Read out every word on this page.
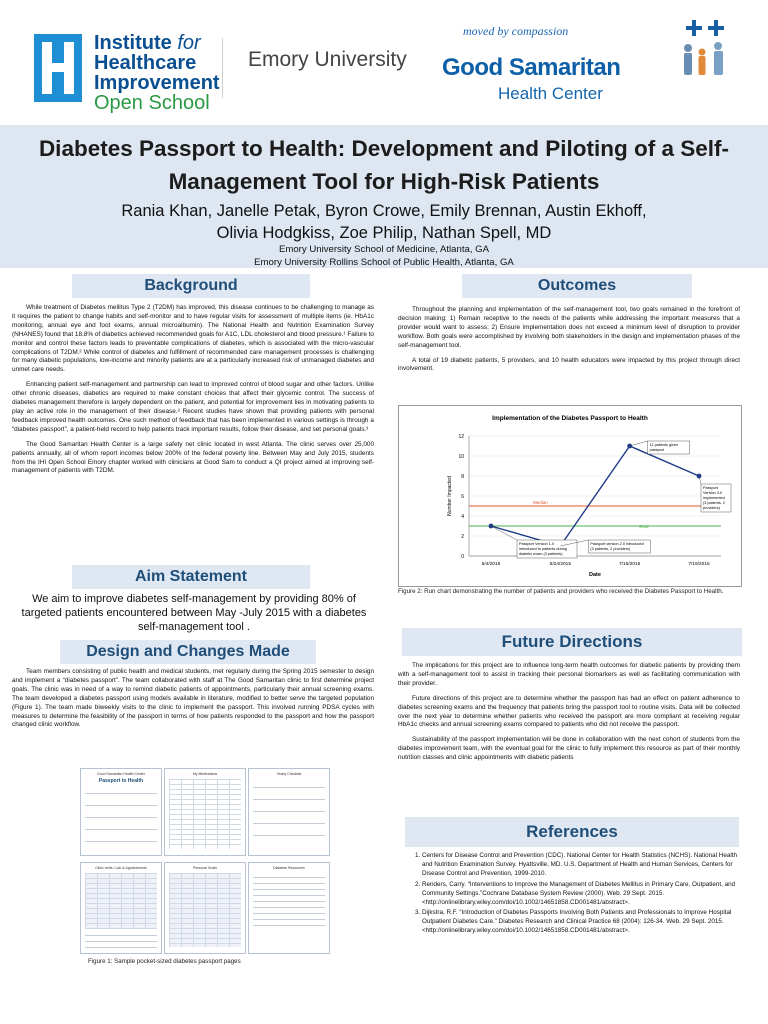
Institute for
Healthcare
Improvement
Open School
Emory University
moved by compassion
Good Samaritan
Health Center
Diabetes Passport to Health: Development and Piloting of a Self-Management Tool for High-Risk Patients
Rania Khan, Janelle Petak, Byron Crowe, Emily Brennan, Austin Ekhoff,
Olivia Hodgkiss, Zoe Philip, Nathan Spell, MD
Emory University School of Medicine, Atlanta, GA
Emory University Rollins School of Public Health, Atlanta, GA
Background

While treatment of Diabetes mellitus Type 2 (T2DM) has improved, this disease continues to be challenging to manage as it requires the patient to change habits and self-monitor and to have regular visits for assessment of multiple items (ie. HbA1c monitoring, annual eye and foot exams, annual microalbumin). The National Health and Nutrition Examination Survey (NHANES) found that 18.8% of diabetics achieved recommended goals for A1C, LDL cholesterol and blood pressure.¹ Failure to monitor and control these factors leads to preventable complications of diabetes, which is associated with the micro-vascular complications of T2DM.² While control of diabetes and fulfillment of recommended care management processes is challenging for many diabetic populations, low-income and minority patients are at a particularly increased risk of unmanaged diabetes and unmet care needs.

Enhancing patient self-management and partnership can lead to improved control of blood sugar and other factors. Unlike other chronic diseases, diabetics are required to make constant choices that affect their glycemic control. The success of diabetes management therefore is largely dependent on the patient, and potential for improvement lies in motivating patients to play an active role in the management of their disease.³ Recent studies have shown that providing patients with personal feedback improved health outcomes. One such method of feedback that has been implemented in various settings is through a “diabetes passport”, a patient-held record to help patients track important results, follow their disease, and set personal goals.³

The Good Samaritan Health Center is a large safety net clinic located in west Atlanta. The clinic serves over 25,000 patients annually, all of whom report incomes below 200% of the federal poverty line. Between May and July 2015, students from the IHI Open School Emory chapter worked with clinicians at Good Sam to conduct a QI project aimed at improving self-management of patients with T2DM.

Aim Statement
We aim to improve diabetes self-management by providing 80% of targeted patients encountered between May -July 2015 with a diabetes self-management tool .
Design and Changes Made

Team members consisting of public health and medical students, met regularly during the Spring 2015 semester to design and implement a “diabetes passport”. The team collaborated with staff at The Good Samaritan clinic to first determine project goals. The clinic was in need of a way to remind diabetic patients of appointments, particularly their annual screening exams. The team developed a diabetes passport using models available in literature, modified to better serve the targeted population (Figure 1). The team made biweekly visits to the clinic to implement the passport. This involved running PDSA cycles with measures to determine the feasibility of the passport in terms of how patients responded to the passport and how the passport changed clinic workflow.

Good Samaritan Health Center
Passport to Health
My Medications	Yearly Checklist
Clinic visits / Lab & Appointments	Personal Goals	Diabetes Resources
Figure 1: Sample pocket-sized diabetes passport pages
Outcomes

Throughout the planning and implementation of the self-management tool, two goals remained in the forefront of decision making: 1) Remain receptive to the needs of the patients while addressing the important measures that a provider would want to assess; 2) Ensure implementation does not exceed a minimum level of disruption to provider workflow. Both goals were accomplished by involving both stakeholders in the design and implementation phases of the self-management tool.

A total of 19 diabetic patients, 5 providers, and 10 health educators were impacted by this project through direct involvement.

Implementation of the Diabetes Passport to Health
0
2
4
6
8
10
12
6/4/2015	6/24/2015	7/15/2015	7/19/2015
Date
Number Impacted	Median
Goal
11 patients given
passport
Passport
Version 3.0
implemented
(3 patients, 2
providers)
Passport Version 1.0
introduced to patients during
diabetic exam (3 patients)
Passport version 2.0 introduced
(3 patients, 2 providers)
Figure 2: Run chart demonstrating the number of patients and providers who received the Diabetes Passport to Health.
Future Directions

The implications for this project are to influence long-term health outcomes for diabetic patients by providing them with a self-management tool to assist in tracking their personal biomarkers as well as facilitating communication with their provider.

Future directions of this project are to determine whether the passport has had an effect on patient adherence to diabetes screening exams and the frequency that patients bring the passport tool to routine visits. Data will be collected over the next year to determine whether patients who received the passport are more compliant at receiving regular HbA1c checks and annual screening exams compared to patients who did not receive the passport.

Sustainability of the passport implementation will be done in collaboration with the next cohort of students from the diabetes improvement team, with the eventual goal for the clinic to fully implement this resource as part of their monthly nutrition classes and clinic appointments with diabetic patients

References
1. Centers for Disease Control and Prevention (CDC). National Center for Health Statistics (NCHS). National Health and Nutrition Examination Survey. Hyattsville, MD. U.S. Department of Health and Human Services, Centers for Disease Control and Prevention, 1999-2010.
2. Renders, Carry. “Interventions to Improve the Management of Diabetes Mellitus in Primary Care, Outpatient, and Community Settings.”Cochrane Database System Review (2000). Web. 29 Sept. 2015. <http://onlinelibrary.wiley.com/doi/10.1002/14651858.CD001481/abstract>.
3. Dijkstra, R.F. “Introduction of Diabetes Passports Involving Both Patients and Professionals to Improve Hospital Outpatient Diabetes Care.” Diabetes Research and Clinical Practice 68 (2004): 126-34. Web. 29 Sept. 2015. <http://onlinelibrary.wiley.com/doi/10.1002/14651858.CD001481/abstract>.
